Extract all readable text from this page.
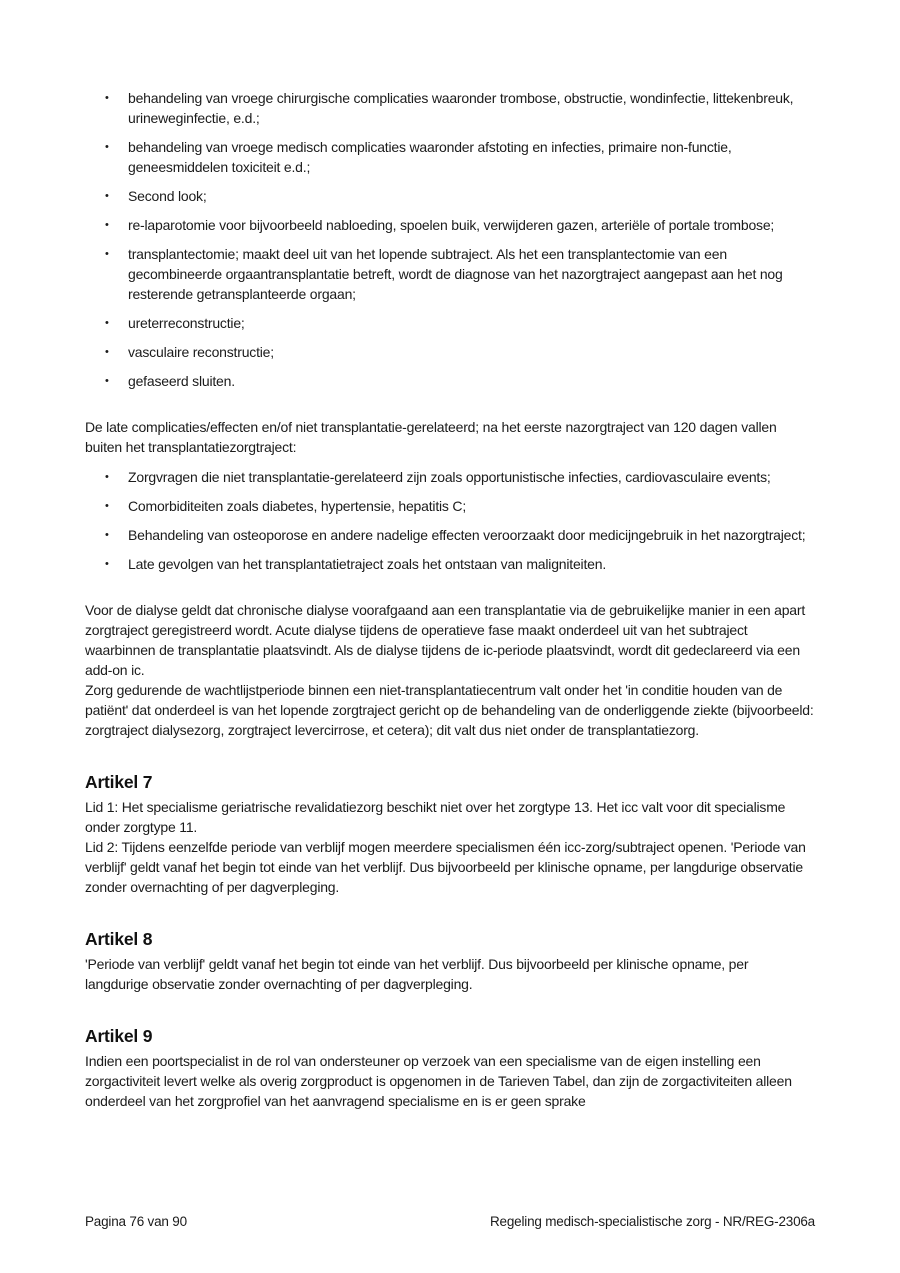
•	behandeling van vroege chirurgische complicaties waaronder trombose, obstructie, wondinfectie, littekenbreuk, urineweginfectie, e.d.;
•	behandeling van vroege medisch complicaties waaronder afstoting en infecties, primaire non-functie, geneesmiddelen toxiciteit e.d.;
•	Second look;
•	re-laparotomie voor bijvoorbeeld nabloeding, spoelen buik, verwijderen gazen, arteriële of portale trombose;
•	transplantectomie; maakt deel uit van het lopende subtraject. Als het een transplantectomie van een gecombineerde orgaantransplantatie betreft, wordt de diagnose van het nazorgtraject aangepast aan het nog resterende getransplanteerde orgaan;
•	ureterreconstructie;
•	vasculaire reconstructie;
•	gefaseerd sluiten.

De late complicaties/effecten en/of niet transplantatie-gerelateerd; na het eerste nazorgtraject van 120 dagen vallen buiten het transplantatiezorgtraject:

•	Zorgvragen die niet transplantatie-gerelateerd zijn zoals opportunistische infecties, cardiovasculaire events;
•	Comorbiditeiten zoals diabetes, hypertensie, hepatitis C;
•	Behandeling van osteoporose en andere nadelige effecten veroorzaakt door medicijngebruik in het nazorgtraject;
•	Late gevolgen van het transplantatietraject zoals het ontstaan van maligniteiten.

Voor de dialyse geldt dat chronische dialyse voorafgaand aan een transplantatie via de gebruikelijke manier in een apart zorgtraject geregistreerd wordt. Acute dialyse tijdens de operatieve fase maakt onderdeel uit van het subtraject waarbinnen de transplantatie plaatsvindt. Als de dialyse tijdens de ic-periode plaatsvindt, wordt dit gedeclareerd via een add-on ic.

Zorg gedurende de wachtlijstperiode binnen een niet-transplantatiecentrum valt onder het 'in conditie houden van de patiënt' dat onderdeel is van het lopende zorgtraject gericht op de behandeling van de onderliggende ziekte (bijvoorbeeld: zorgtraject dialysezorg, zorgtraject levercirrose, et cetera); dit valt dus niet onder de transplantatiezorg.

Artikel 7

Lid 1: Het specialisme geriatrische revalidatiezorg beschikt niet over het zorgtype 13. Het icc valt voor dit specialisme onder zorgtype 11.

Lid 2: Tijdens eenzelfde periode van verblijf mogen meerdere specialismen één icc-zorg/subtraject openen. 'Periode van verblijf' geldt vanaf het begin tot einde van het verblijf. Dus bijvoorbeeld per klinische opname, per langdurige observatie zonder overnachting of per dagverpleging.

Artikel 8

'Periode van verblijf' geldt vanaf het begin tot einde van het verblijf. Dus bijvoorbeeld per klinische opname, per langdurige observatie zonder overnachting of per dagverpleging.

Artikel 9

Indien een poortspecialist in de rol van ondersteuner op verzoek van een specialisme van de eigen instelling een zorgactiviteit levert welke als overig zorgproduct is opgenomen in de Tarieven Tabel, dan zijn de zorgactiviteiten alleen onderdeel van het zorgprofiel van het aanvragend specialisme en is er geen sprake

Pagina 76 van 90	Regeling medisch-specialistische zorg - NR/REG-2306a
